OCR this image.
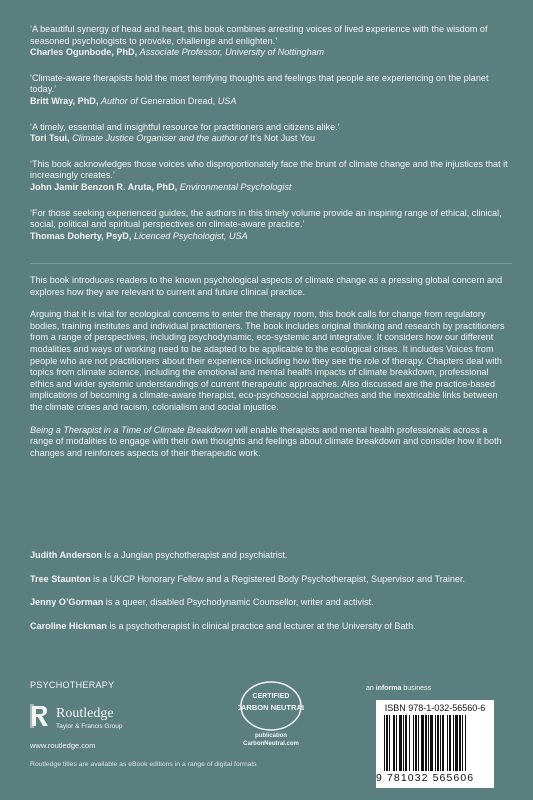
‘A beautiful synergy of head and heart, this book combines arresting voices of lived experience with the wisdom of seasoned psychologists to provoke, challenge and enlighten.’
Charles Ogunbode, PhD, Associate Professor, University of Nottingham
‘Climate-aware therapists hold the most terrifying thoughts and feelings that people are experiencing on the planet today.’
Britt Wray, PhD, Author of Generation Dread, USA
‘A timely, essential and insightful resource for practitioners and citizens alike.’
Tori Tsui, Climate Justice Organiser and the author of It’s Not Just You
‘This book acknowledges those voices who disproportionately face the brunt of climate change and the injustices that it increasingly creates.’
John Jamir Benzon R. Aruta, PhD, Environmental Psychologist
‘For those seeking experienced guides, the authors in this timely volume provide an inspiring range of ethical, clinical, social, political and spiritual perspectives on climate-aware practice.’
Thomas Doherty, PsyD, Licenced Psychologist, USA

This book introduces readers to the known psychological aspects of climate change as a pressing global concern and explores how they are relevant to current and future clinical practice.

Arguing that it is vital for ecological concerns to enter the therapy room, this book calls for change from regulatory bodies, training institutes and individual practitioners. The book includes original thinking and research by practitioners from a range of perspectives, including psychodynamic, eco-systemic and integrative. It considers how our different modalities and ways of working need to be adapted to be applicable to the ecological crises. It includes Voices from people who are not practitioners about their experience including how they see the role of therapy. Chapters deal with topics from climate science, including the emotional and mental health impacts of climate breakdown, professional ethics and wider systemic understandings of current therapeutic approaches. Also discussed are the practice-based implications of becoming a climate-aware therapist, eco-psychosocial approaches and the inextricable links between the climate crises and racism, colonialism and social injustice.

Being a Therapist in a Time of Climate Breakdown will enable therapists and mental health professionals across a range of modalities to engage with their own thoughts and feelings about climate breakdown and consider how it both changes and reinforces aspects of their therapeutic work.

Judith Anderson is a Jungian psychotherapist and psychiatrist.
Tree Staunton is a UKCP Honorary Fellow and a Registered Body Psychotherapist, Supervisor and Trainer.
Jenny O’Gorman is a queer, disabled Psychodynamic Counsellor, writer and activist.
Caroline Hickman is a psychotherapist in clinical practice and lecturer at the University of Bath.
PSYCHOTHERAPY
Routledge
Taylor & Francis Group
www.routledge.com
Routledge titles are available as eBook editions in a range of digital formats
CERTIFIED
CARBON NEUTRAL
publication
CarbonNeutral.com
an informa business
ISBN 978-1-032-56560-6
9 781032 565606
